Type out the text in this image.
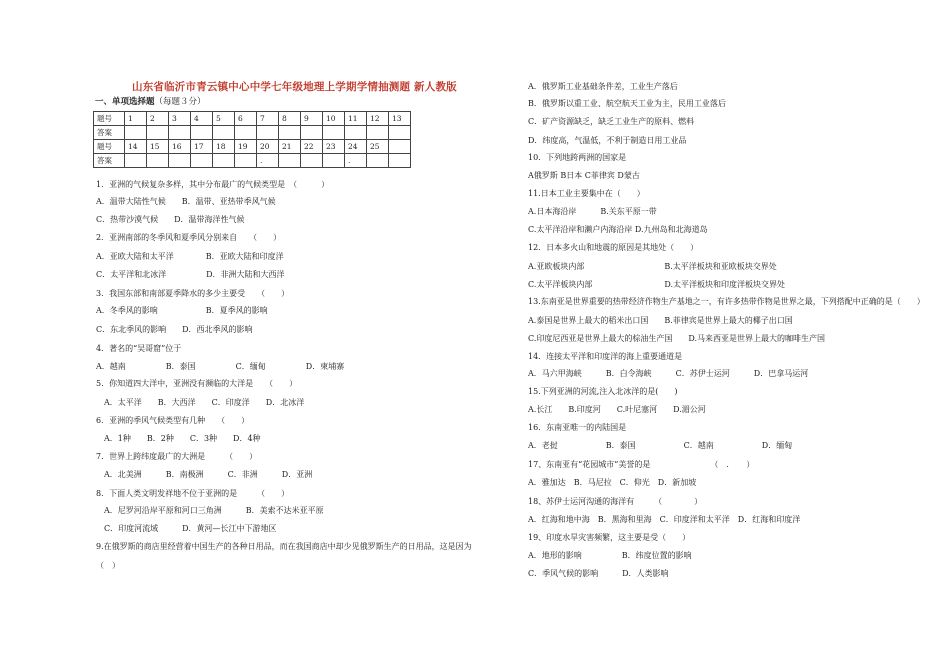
山东省临沂市青云镇中心中学七年级地理上学期学情抽测题 新人教版
一、单项选择题（每题３分）
题号	1	2	3	4	5	6	7	8	9	10	11	12	13
答案													
题号	14	15	16	17	18	19	20	21	22	23	24	25	
答案							.				.		
1．亚洲的气候复杂多样，其中分布最广的气候类型是　（　　　）
A．温带大陆性气候　　B．温带、亚热带季风气候
C．热带沙漠气候　　D．温带海洋性气候
2．亚洲南部的冬季风和夏季风分别来自　　（　　）
A．亚欧大陆和太平洋　　　　B．亚欧大陆和印度洋
C．太平洋和北冰洋　　　　　D．非洲大陆和大西洋
3．我国东部和南部夏季降水的多少主要受　　（　　）
A．冬季风的影响　　　　　　B．夏季风的影响
C．东北季风的影响　　D．西北季风的影响
4．著名的“吴哥窟”位于
A．越南　　　　　B．泰国　　　　　C．缅甸　　　　　D．柬埔寨
5．你知道四大洋中，亚洲没有濒临的大洋是　　（　　）
　A．太平洋　　B．大西洋　　C．印度洋　　D．北冰洋
6．亚洲的季风气候类型有几种　　（　　）
　A．1种　　B．2种　　C．3种　　D．4种
7．世界上跨纬度最广的大洲是　　　（　　）
　A．北美洲　　　B．南极洲　　　C．非洲　　　D．亚洲
8．下面人类文明发祥地不位于亚洲的是　　　（　　）
　A．尼罗河沿岸平原和河口三角洲　　　B．美索不达米亚平原
　C．印度河流域　　　D．黄河—长江中下游地区
9.在俄罗斯的商店里经营着中国生产的各种日用品，而在我国商店中却少见俄罗斯生产的日用品，这是因为
（　）
A．俄罗斯工业基础条件差，工业生产落后
B．俄罗斯以重工业、航空航天工业为主，民用工业落后
C．矿产资源缺乏，缺乏工业生产的原料、燃料
D．纬度高，气温低，不利于制造日用工业品
10．下列地跨两洲的国家是
A俄罗斯 B日本 C菲律宾 D蒙古
11.日本工业主要集中在（　　）
A.日本海沿岸　　　B.关东平原一带
C.太平洋沿岸和濑户内海沿岸 D.九州岛和北海道岛
12．日本多火山和地震的原因是其地处（　　）
A.亚欧板块内部　　　　　　　　　　B.太平洋板块和亚欧板块交界处
C.太平洋板块内部　　　　　　　　　D.太平洋板块和印度洋板块交界处
13.东南亚是世界重要的热带经济作物生产基地之一，有许多热带作物是世界之最，下列搭配中正确的是（　　）
A.泰国是世界上最大的稻米出口国　　B.菲律宾是世界上最大的椰子出口国
C.印度尼西亚是世界上最大的棕油生产国　　D.马来西亚是世界上最大的咖啡生产国
14．连接太平洋和印度洋的海上重要通道是
A．马六甲海峡　　　B．白令海峡　　　C．苏伊士运河　　　D．巴拿马运河
15.下列亚洲的河流,注入北冰洋的是(　　)
A.长江　　B.印度河　　C.叶尼塞河　　D.湄公河
16．东南亚唯一的内陆国是
A．老挝　　　　　　B．泰国　　　　　　C．越南　　　　　　D．缅甸
17、东南亚有“花园城市”美誉的是　　　　　　　　（　．　　）
A．雅加达　B．马尼拉　C．仰光　D．新加坡
18、苏伊士运河沟通的海洋有　　　（　　　　）
A．红海和地中海　B．黑海和里海　C．印度洋和太平洋　D．红海和印度洋
19、印度水旱灾害频繁，这主要是受（　　）
A．地形的影响　　　　　B．纬度位置的影响
C．季风气候的影响　　　D．人类影响
